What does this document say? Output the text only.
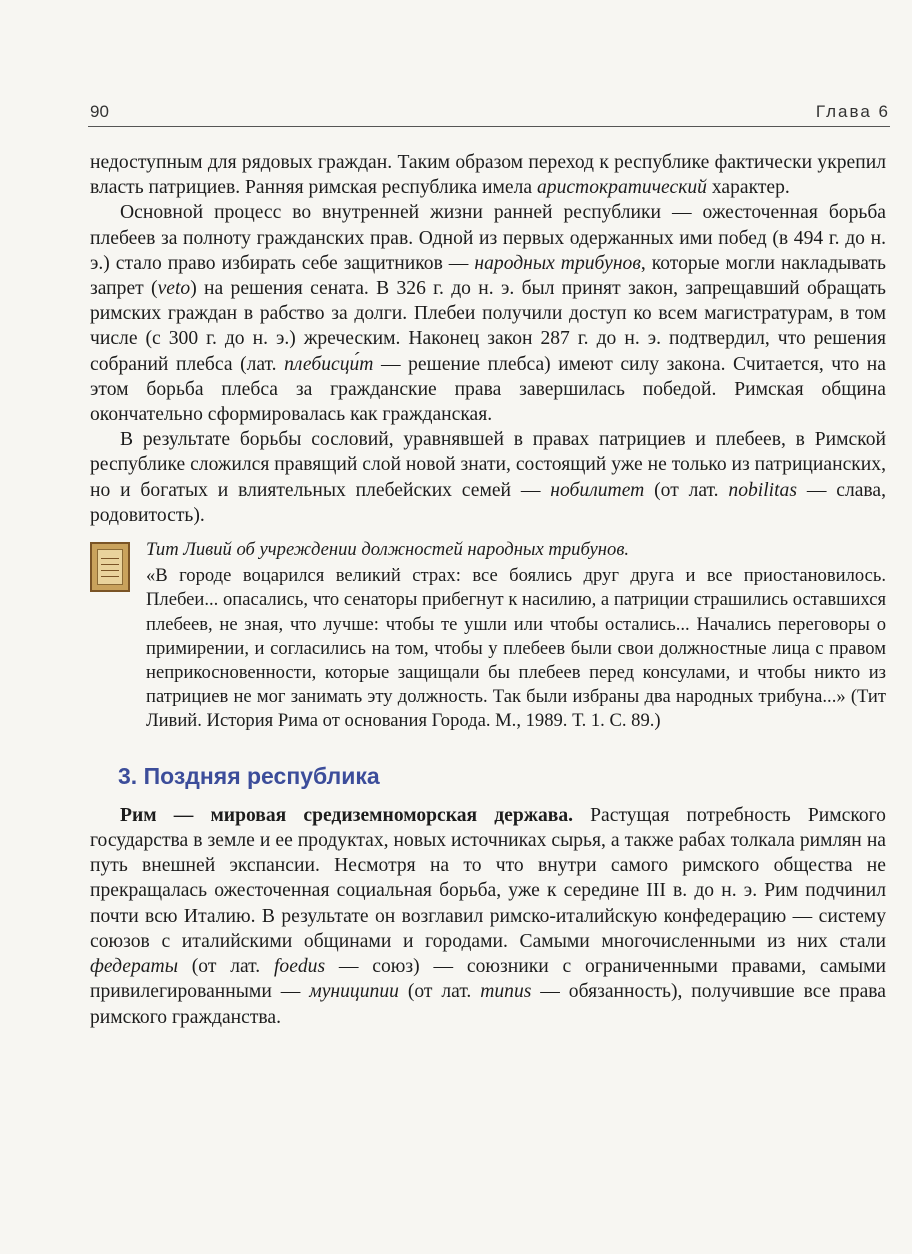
90	Глава 6

недоступным для рядовых граждан. Таким образом переход к республике фактически укрепил власть патрициев. Ранняя римская республика имела аристократический характер.

Основной процесс во внутренней жизни ранней республики — ожесточенная борьба плебеев за полноту гражданских прав. Одной из первых одержанных ими побед (в 494 г. до н. э.) стало право избирать себе защитников — народных трибунов, которые могли накладывать запрет (veto) на решения сената. В 326 г. до н. э. был принят закон, запрещавший обращать римских граждан в рабство за долги. Плебеи получили доступ ко всем магистратурам, в том числе (с 300 г. до н. э.) жреческим. Наконец закон 287 г. до н. э. подтвердил, что решения собраний плебса (лат. плебисци́т — решение плебса) имеют силу закона. Считается, что на этом борьба плебса за гражданские права завершилась победой. Римская община окончательно сформировалась как гражданская.

В результате борьбы сословий, уравнявшей в правах патрициев и плебеев, в Римской республике сложился правящий слой новой знати, состоящий уже не только из патрицианских, но и богатых и влиятельных плебейских семей — нобилитет (от лат. nobilitas — слава, родовитость).

Тит Ливий об учреждении должностей народных трибунов.
«В городе воцарился великий страх: все боялись друг друга и все приостановилось. Плебеи... опасались, что сенаторы прибегнут к насилию, а патриции страшились оставшихся плебеев, не зная, что лучше: чтобы те ушли или чтобы остались... Начались переговоры о примирении, и согласились на том, чтобы у плебеев были свои должностные лица с правом неприкосновенности, которые защищали бы плебеев перед консулами, и чтобы никто из патрициев не мог занимать эту должность. Так были избраны два народных трибуна...» (Тит Ливий. История Рима от основания Города. М., 1989. Т. 1. С. 89.)
3. Поздняя республика

Рим — мировая средиземноморская держава. Растущая потребность Римского государства в земле и ее продуктах, новых источниках сырья, а также рабах толкала римлян на путь внешней экспансии. Несмотря на то что внутри самого римского общества не прекращалась ожесточенная социальная борьба, уже к середине III в. до н. э. Рим подчинил почти всю Италию. В результате он возглавил римско-италийскую конфедерацию — систему союзов с италийскими общинами и городами. Самыми многочисленными из них стали федераты (от лат. foedus — союз) — союзники с ограниченными правами, самыми привилегированными — муниципии (от лат. munus — обязанность), получившие все права римского гражданства.
